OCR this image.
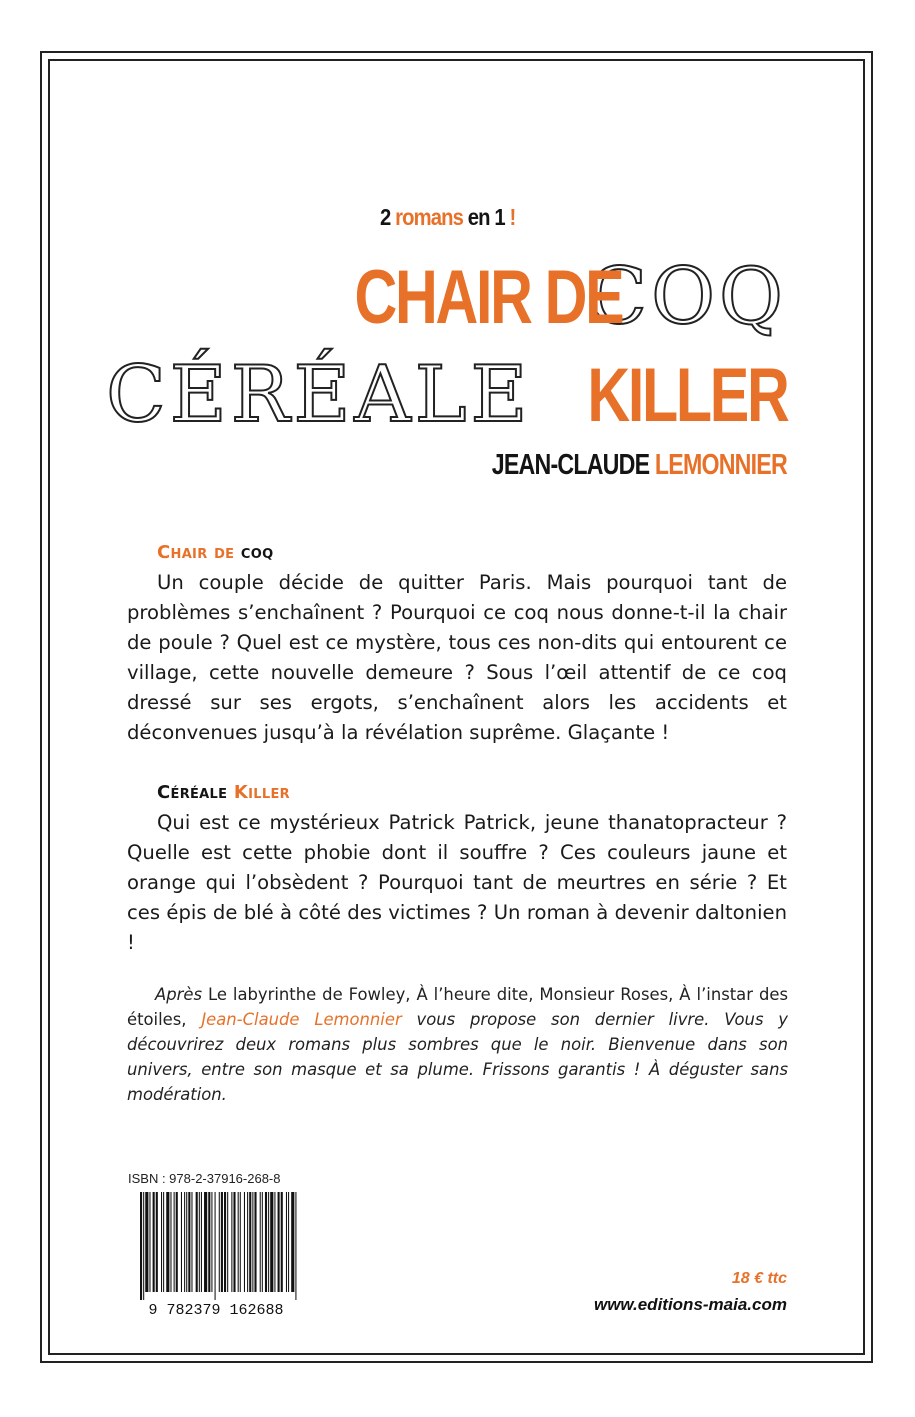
2 romans en 1 !
CHAIR DE COQ
CÉRÉALE KILLER
JEAN-CLAUDE LEMONNIER
Chair de coq

Un couple décide de quitter Paris. Mais pourquoi tant de problèmes s’enchaînent ? Pourquoi ce coq nous donne-t-il la chair de poule ? Quel est ce mystère, tous ces non-dits qui entourent ce village, cette nouvelle demeure ? Sous l’œil attentif de ce coq dressé sur ses ergots, s’enchaînent alors les accidents et déconvenues jusqu’à la révélation suprême. Glaçante !

Céréale Killer

Qui est ce mystérieux Patrick Patrick, jeune thanatopracteur ? Quelle est cette phobie dont il souffre ? Ces couleurs jaune et orange qui l’obsèdent ? Pourquoi tant de meurtres en série ? Et ces épis de blé à côté des victimes ? Un roman à devenir daltonien !

Après Le labyrinthe de Fowley, À l’heure dite, Monsieur Roses, À l’instar des étoiles, Jean-Claude Lemonnier vous propose son dernier livre. Vous y découvrirez deux romans plus sombres que le noir. Bienvenue dans son univers, entre son masque et sa plume. Frissons garantis ! À déguster sans modération.

ISBN : 978-2-37916-268-8
9 782379 162688
18 € ttc
www.editions-maia.com
